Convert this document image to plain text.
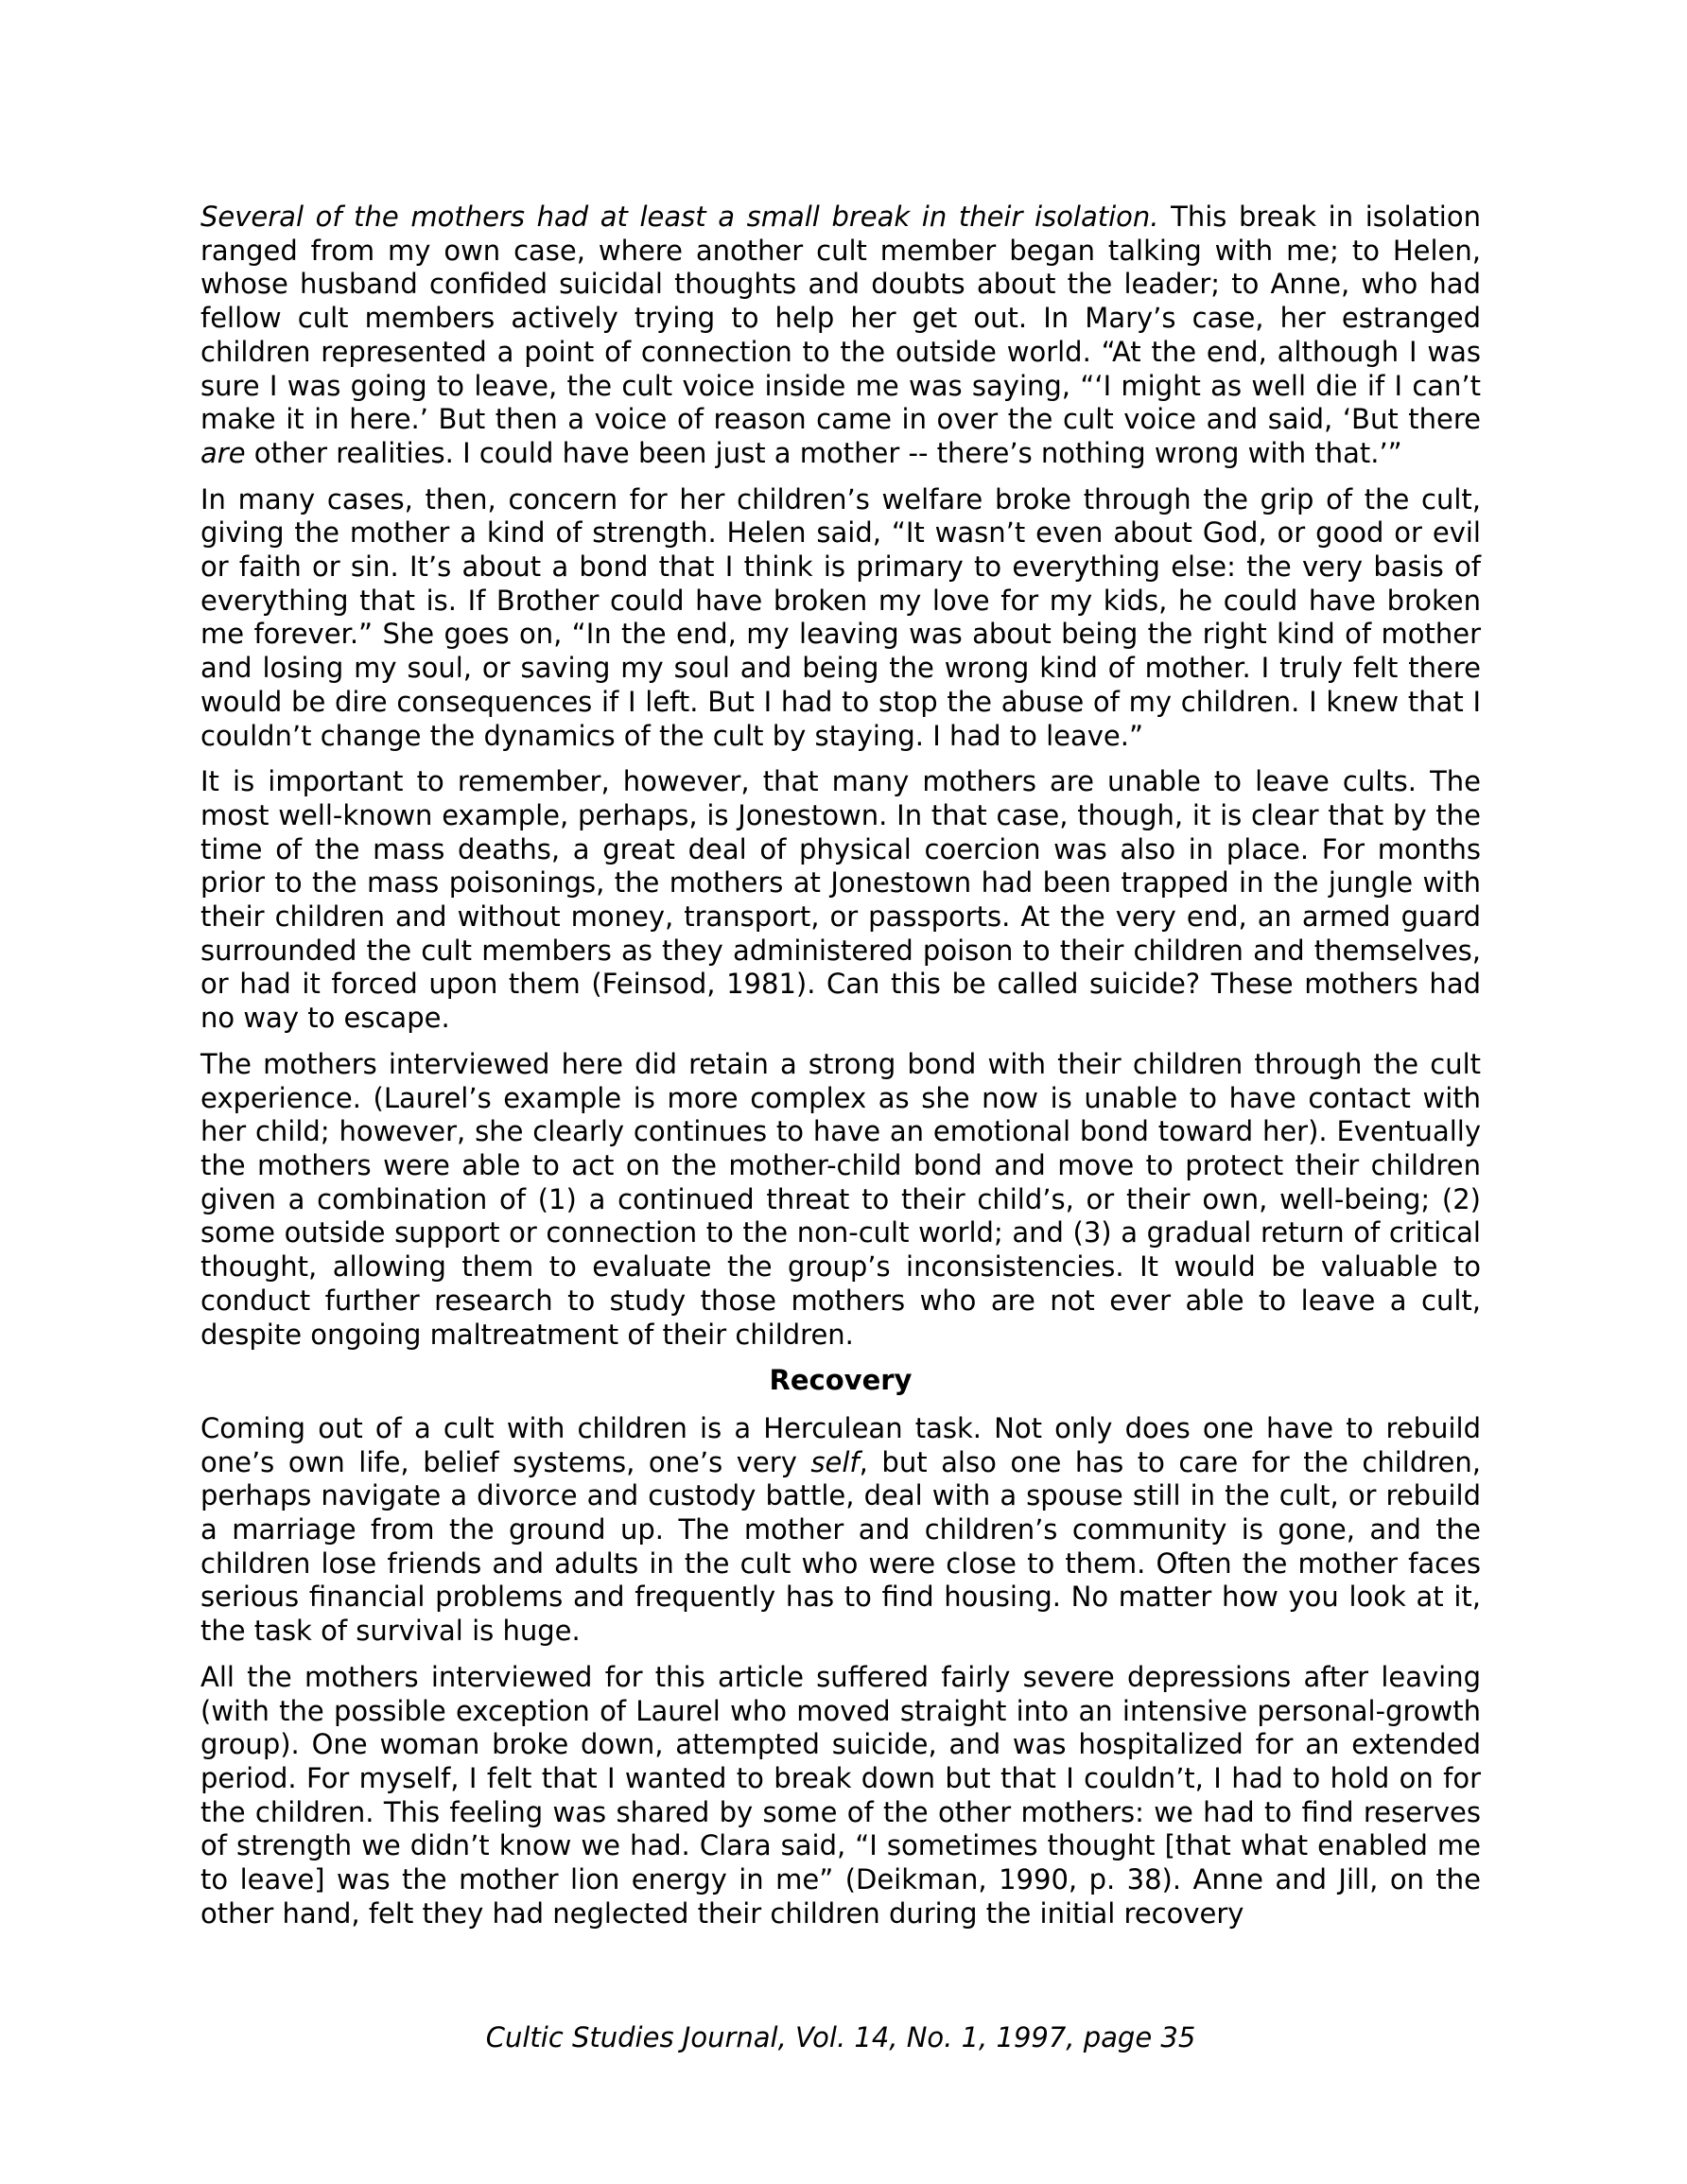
Several of the mothers had at least a small break in their isolation. This break in isolation ranged from my own case, where another cult member began talking with me; to Helen, whose husband confided suicidal thoughts and doubts about the leader; to Anne, who had fellow cult members actively trying to help her get out. In Mary’s case, her estranged children represented a point of connection to the outside world. “At the end, although I was sure I was going to leave, the cult voice inside me was saying, “‘I might as well die if I can’t make it in here.’ But then a voice of reason came in over the cult voice and said, ‘But there are other realities. I could have been just a mother -- there’s nothing wrong with that.’”

In many cases, then, concern for her children’s welfare broke through the grip of the cult, giving the mother a kind of strength. Helen said, “It wasn’t even about God, or good or evil or faith or sin. It’s about a bond that I think is primary to everything else: the very basis of everything that is. If Brother could have broken my love for my kids, he could have broken me forever.” She goes on, “In the end, my leaving was about being the right kind of mother and losing my soul, or saving my soul and being the wrong kind of mother. I truly felt there would be dire consequences if I left. But I had to stop the abuse of my children. I knew that I couldn’t change the dynamics of the cult by staying. I had to leave.”

It is important to remember, however, that many mothers are unable to leave cults. The most well-known example, perhaps, is Jonestown. In that case, though, it is clear that by the time of the mass deaths, a great deal of physical coercion was also in place. For months prior to the mass poisonings, the mothers at Jonestown had been trapped in the jungle with their children and without money, transport, or passports. At the very end, an armed guard surrounded the cult members as they administered poison to their children and themselves, or had it forced upon them (Feinsod, 1981). Can this be called suicide? These mothers had no way to escape.

The mothers interviewed here did retain a strong bond with their children through the cult experience. (Laurel’s example is more complex as she now is unable to have contact with her child; however, she clearly continues to have an emotional bond toward her). Eventually the mothers were able to act on the mother-child bond and move to protect their children given a combination of (1) a continued threat to their child’s, or their own, well-being; (2) some outside support or connection to the non-cult world; and (3) a gradual return of critical thought, allowing them to evaluate the group’s inconsistencies. It would be valuable to conduct further research to study those mothers who are not ever able to leave a cult, despite ongoing maltreatment of their children.

Recovery

Coming out of a cult with children is a Herculean task. Not only does one have to rebuild one’s own life, belief systems, one’s very self, but also one has to care for the children, perhaps navigate a divorce and custody battle, deal with a spouse still in the cult, or rebuild a marriage from the ground up. The mother and children’s community is gone, and the children lose friends and adults in the cult who were close to them. Often the mother faces serious financial problems and frequently has to find housing. No matter how you look at it, the task of survival is huge.

All the mothers interviewed for this article suffered fairly severe depressions after leaving (with the possible exception of Laurel who moved straight into an intensive personal-growth group). One woman broke down, attempted suicide, and was hospitalized for an extended period. For myself, I felt that I wanted to break down but that I couldn’t, I had to hold on for the children. This feeling was shared by some of the other mothers: we had to find reserves of strength we didn’t know we had. Clara said, “I sometimes thought [that what enabled me to leave] was the mother lion energy in me” (Deikman, 1990, p. 38). Anne and Jill, on the other hand, felt they had neglected their children during the initial recovery

Cultic Studies Journal, Vol. 14, No. 1, 1997, page 35
